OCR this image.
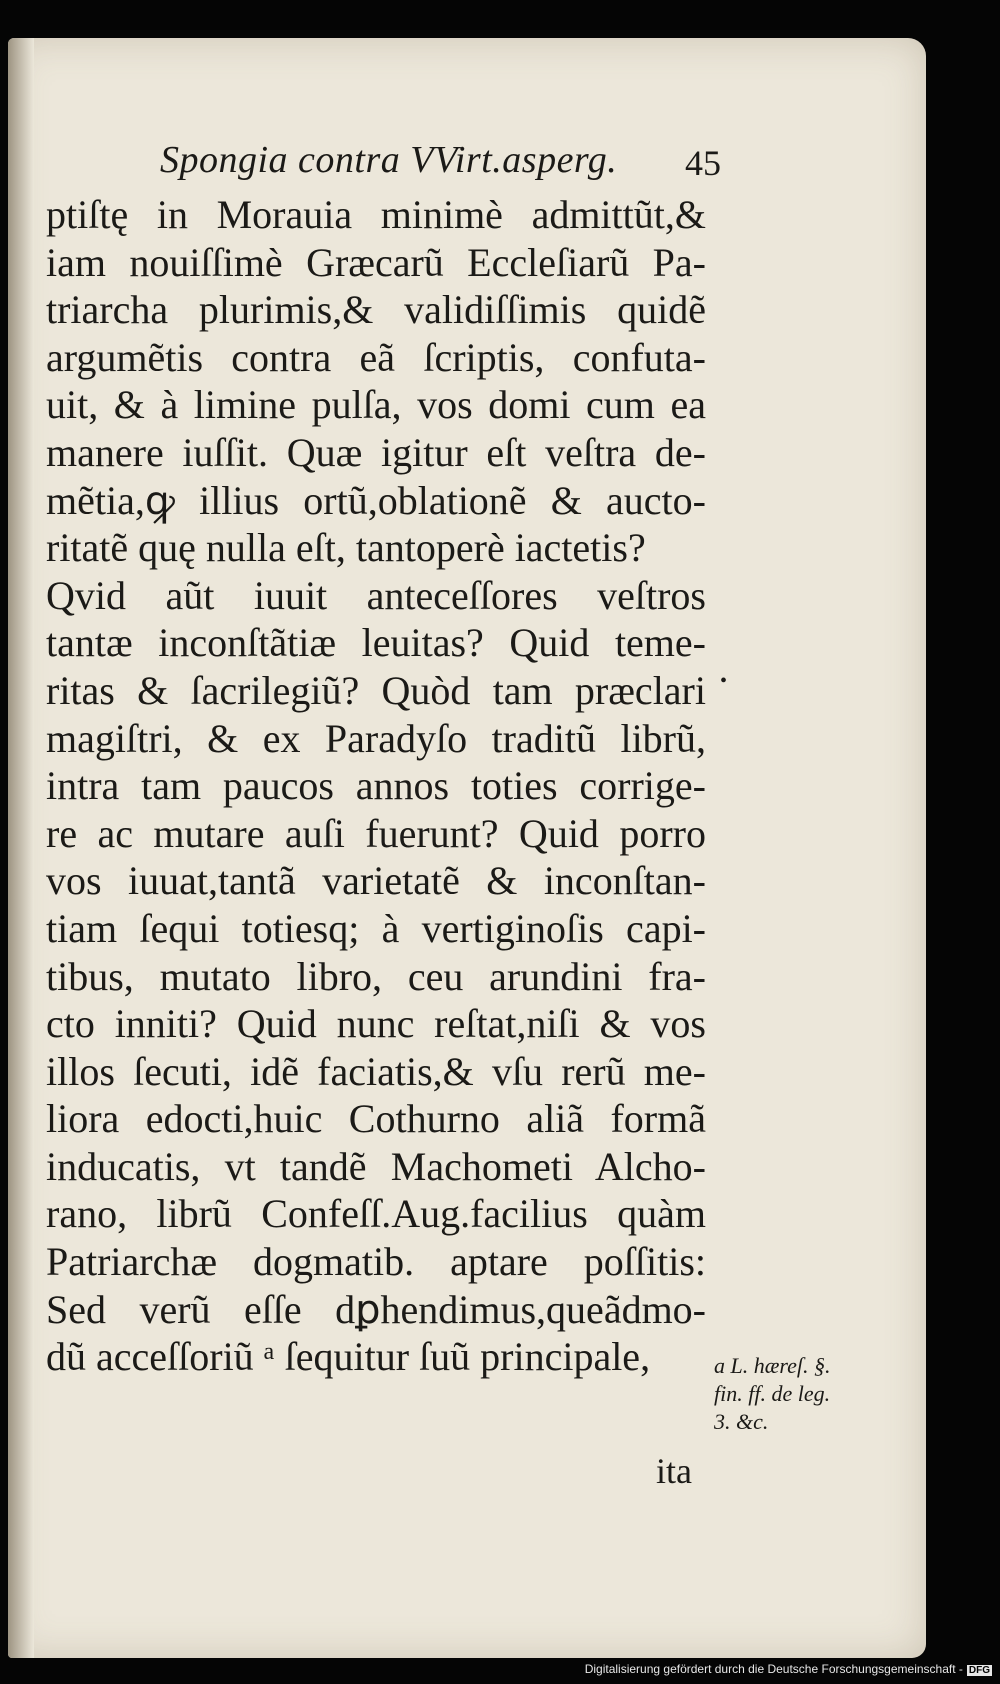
Spongia contra VVirt.asperg. 45
ptiſtę in Morauia minimè admittũt,&
iam nouiſſimè Græcarũ Eccleſiarũ Pa-
triarcha plurimis,& validiſſimis quidẽ
argumẽtis contra eã ſcriptis, confuta-
uit, & à limine pulſa, vos domi cum ea
manere iuſſit. Quæ igitur eſt veſtra de-
mẽtia,ꝙ illius ortũ,oblationẽ & aucto-
ritatẽ quę nulla eſt, tantoperè iactetis?
Qvid aũt iuuit anteceſſores veſtros
tantæ inconſtãtiæ leuitas? Quid teme-
ritas & ſacrilegiũ? Quòd tam præclari
magiſtri, & ex Paradyſo traditũ librũ,
intra tam paucos annos toties corrige-
re ac mutare auſi fuerunt? Quid porro
vos iuuat,tantã varietatẽ & inconſtan-
tiam ſequi totiesq; à vertiginoſis capi-
tibus, mutato libro, ceu arundini fra-
cto inniti? Quid nunc reſtat,niſi & vos
illos ſecuti, idẽ faciatis,& vſu rerũ me-
liora edocti,huic Cothurno aliã formã
inducatis, vt tandẽ Machometi Alcho-
rano, librũ Confeſſ.Aug.facilius quàm
Patriarchæ dogmatib. aptare poſſitis:
Sed verũ eſſe dꝑhendimus,queãdmo-
dũ acceſſoriũ ᵃ ſequitur ſuũ principale,
•
a L. hæreſ. §.
fin. ff. de leg.
3. &c.
ita
Digitalisierung gefördert durch die Deutsche Forschungsgemeinschaft - DFG
